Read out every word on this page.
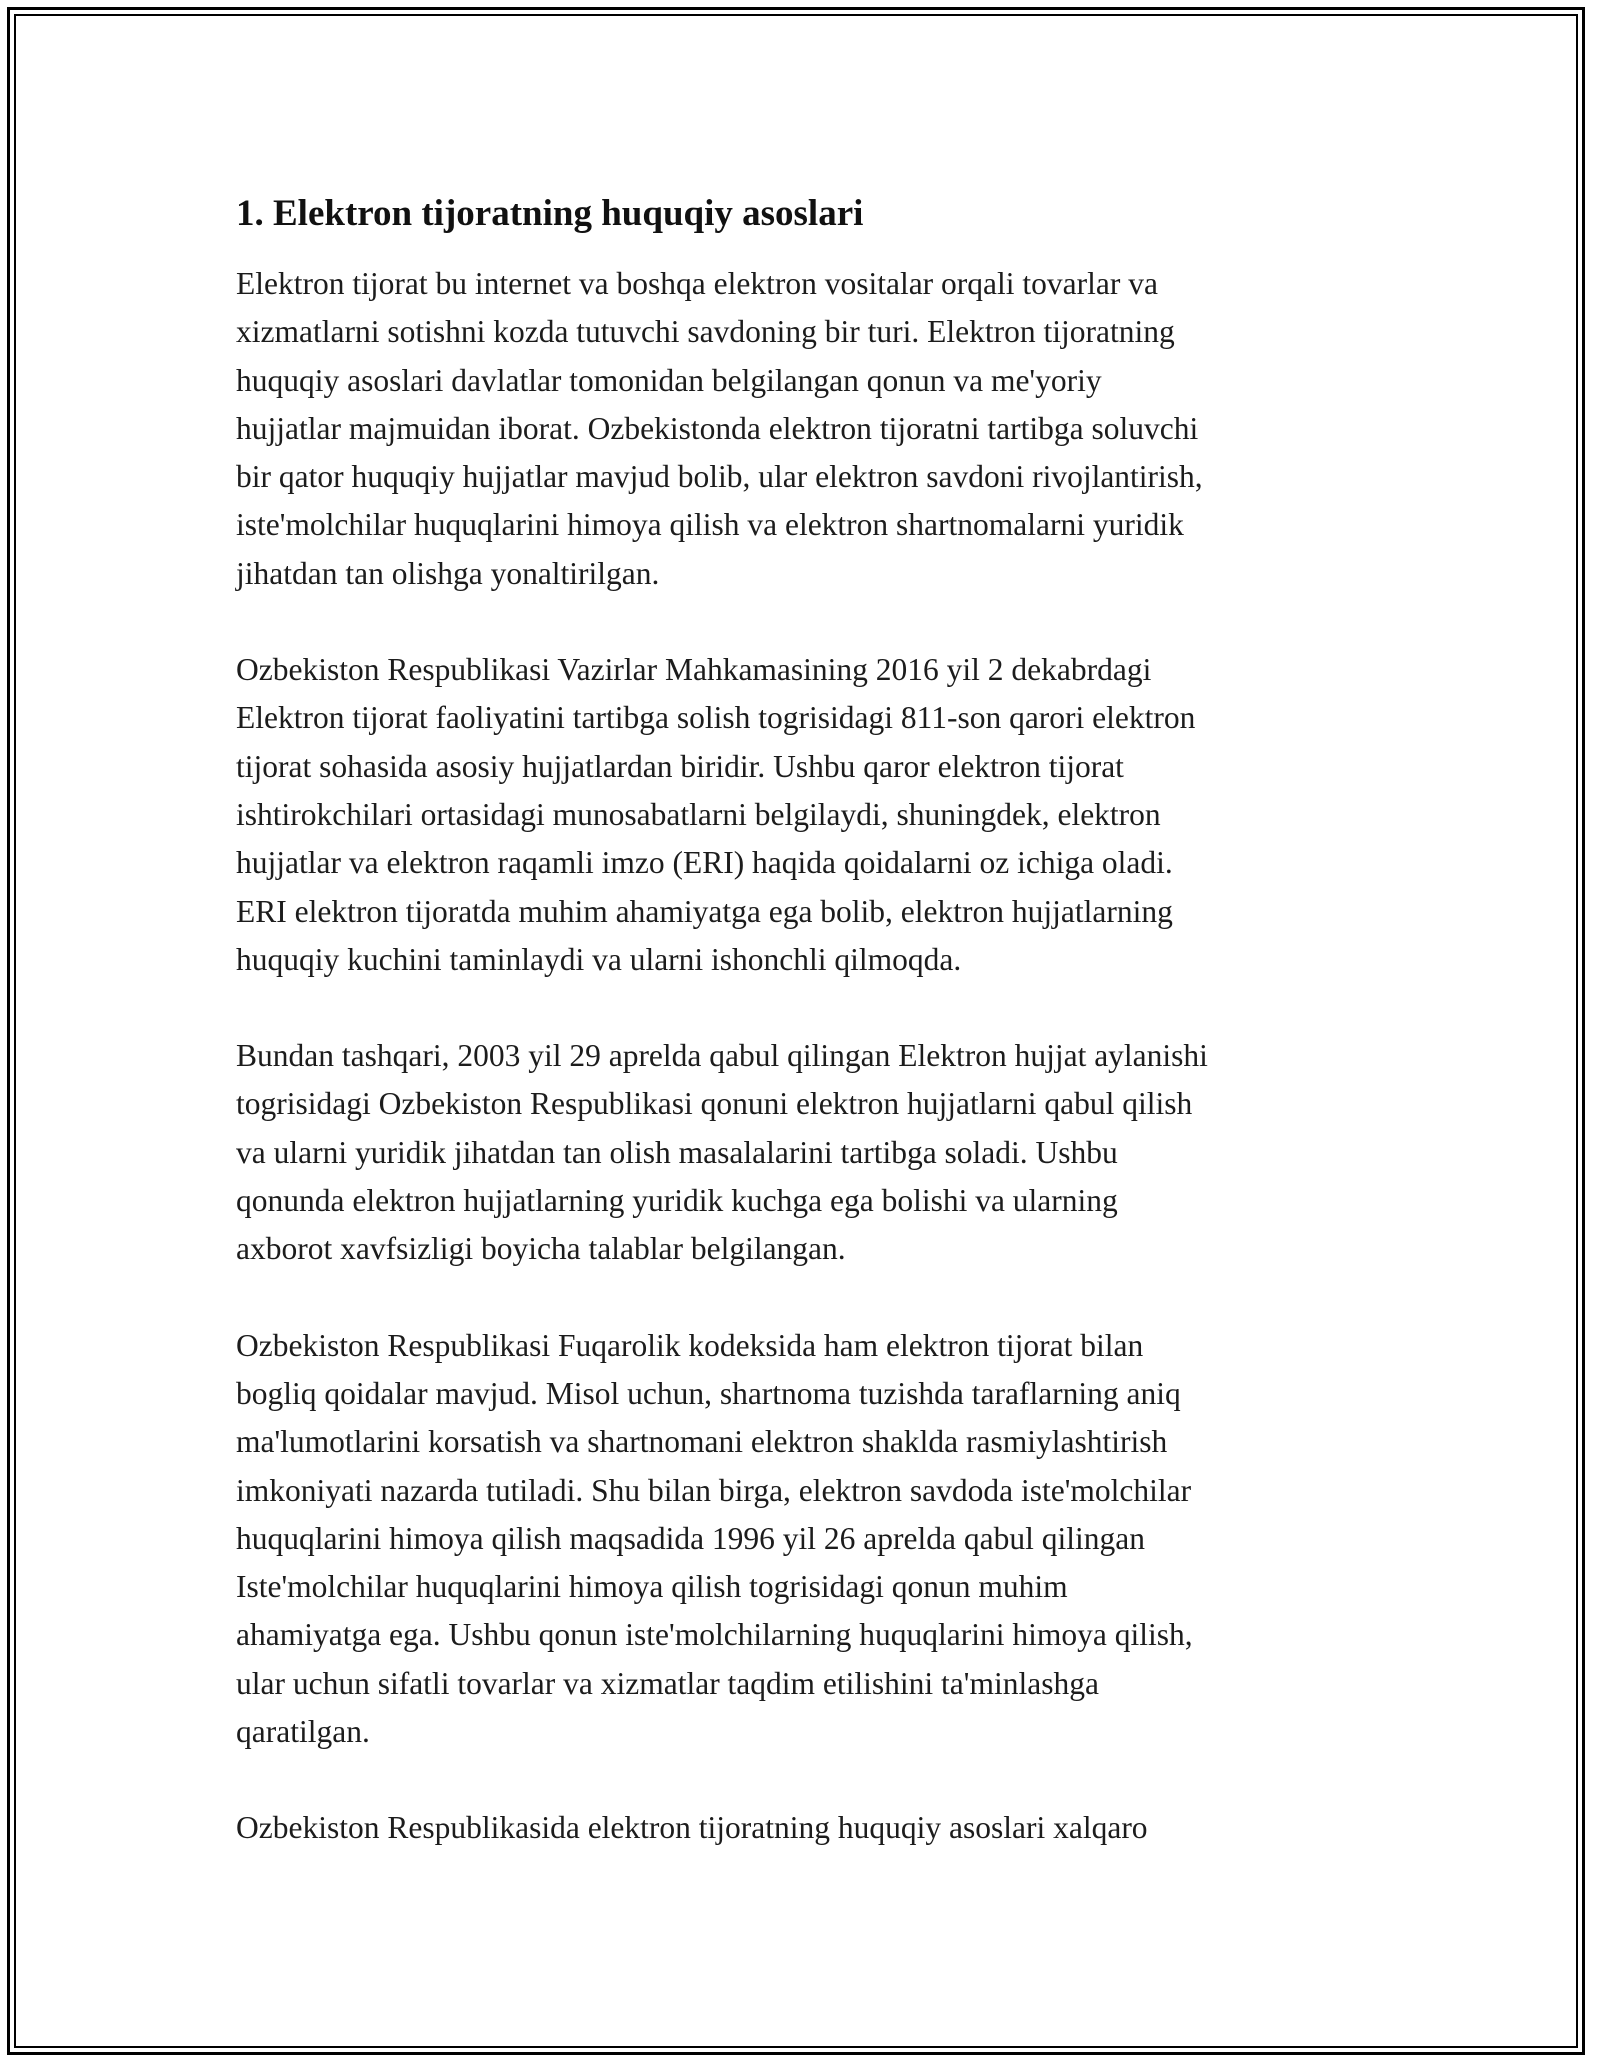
1. Elektron tijoratning huquqiy asoslari

Elektron tijorat bu internet va boshqa elektron vositalar orqali tovarlar va
xizmatlarni sotishni kozda tutuvchi savdoning bir turi. Elektron tijoratning
huquqiy asoslari davlatlar tomonidan belgilangan qonun va me'yoriy
hujjatlar majmuidan iborat. Ozbekistonda elektron tijoratni tartibga soluvchi
bir qator huquqiy hujjatlar mavjud bolib, ular elektron savdoni rivojlantirish,
iste'molchilar huquqlarini himoya qilish va elektron shartnomalarni yuridik
jihatdan tan olishga yonaltirilgan.

Ozbekiston Respublikasi Vazirlar Mahkamasining 2016 yil 2 dekabrdagi
Elektron tijorat faoliyatini tartibga solish togrisidagi 811-son qarori elektron
tijorat sohasida asosiy hujjatlardan biridir. Ushbu qaror elektron tijorat
ishtirokchilari ortasidagi munosabatlarni belgilaydi, shuningdek, elektron
hujjatlar va elektron raqamli imzo (ERI) haqida qoidalarni oz ichiga oladi.
ERI elektron tijoratda muhim ahamiyatga ega bolib, elektron hujjatlarning
huquqiy kuchini taminlaydi va ularni ishonchli qilmoqda.

Bundan tashqari, 2003 yil 29 aprelda qabul qilingan Elektron hujjat aylanishi
togrisidagi Ozbekiston Respublikasi qonuni elektron hujjatlarni qabul qilish
va ularni yuridik jihatdan tan olish masalalarini tartibga soladi. Ushbu
qonunda elektron hujjatlarning yuridik kuchga ega bolishi va ularning
axborot xavfsizligi boyicha talablar belgilangan.

Ozbekiston Respublikasi Fuqarolik kodeksida ham elektron tijorat bilan
bogliq qoidalar mavjud. Misol uchun, shartnoma tuzishda taraflarning aniq
ma'lumotlarini korsatish va shartnomani elektron shaklda rasmiylashtirish
imkoniyati nazarda tutiladi. Shu bilan birga, elektron savdoda iste'molchilar
huquqlarini himoya qilish maqsadida 1996 yil 26 aprelda qabul qilingan
Iste'molchilar huquqlarini himoya qilish togrisidagi qonun muhim
ahamiyatga ega. Ushbu qonun iste'molchilarning huquqlarini himoya qilish,
ular uchun sifatli tovarlar va xizmatlar taqdim etilishini ta'minlashga
qaratilgan.

Ozbekiston Respublikasida elektron tijoratning huquqiy asoslari xalqaro
